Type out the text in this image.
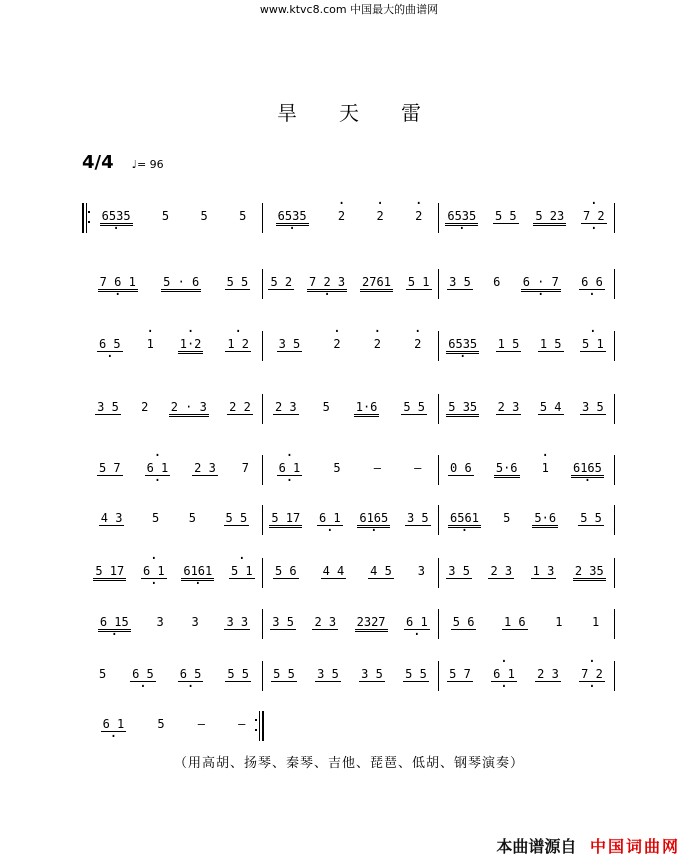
www.ktvc8.com 中国最大的曲谱网
旱天雷
4/4 ♩= 96
6535 ·	5	5	5	6535 ·	· 2	· 2	· 2 6535 · 5 5 5 23 · 7 2 ·
7 6 1 · 5 · 6 5 5 5 2 7 2 3 · 2761 5 1 3 5 6 6 · 7 · 6 6 ·
6 5 · · 1 · 1·2 · 1 2 3 5	· 2	· 2	· 2 6535 · 1 5 1 5 · 5 1
3 5 2 2 · 3 2 2 2 3 5 1·6 5 5 5 35 2 3 5 4 3 5
5 7 · 6 1 · 2 3 7 · 6 1 ·	5	—	— 0 6 5·6 · 1 6165 ·
4 3 5 5 5 5 5 17 6 1 · 6165 · 3 5 6561 · 5 5·6 5 5
5 17 · 6 1 · 6161 · · 5 1 5 6 4 4 4 5 3 3 5 2 3 1 3 2 35
6 15 · 3 3 3 3 3 5 2 3 2327 6 1 · 5 6 1 6 1 1
5 6 5 · 6 5 · 5 5 5 5 3 5 3 5 5 5 5 7 · 6 1 · 2 3 · 7 2 ·
6 1 ·	5	—	—
（用高胡、扬琴、秦琴、吉他、琵琶、低胡、钢琴演奏）
本曲谱源自 中国词曲网
